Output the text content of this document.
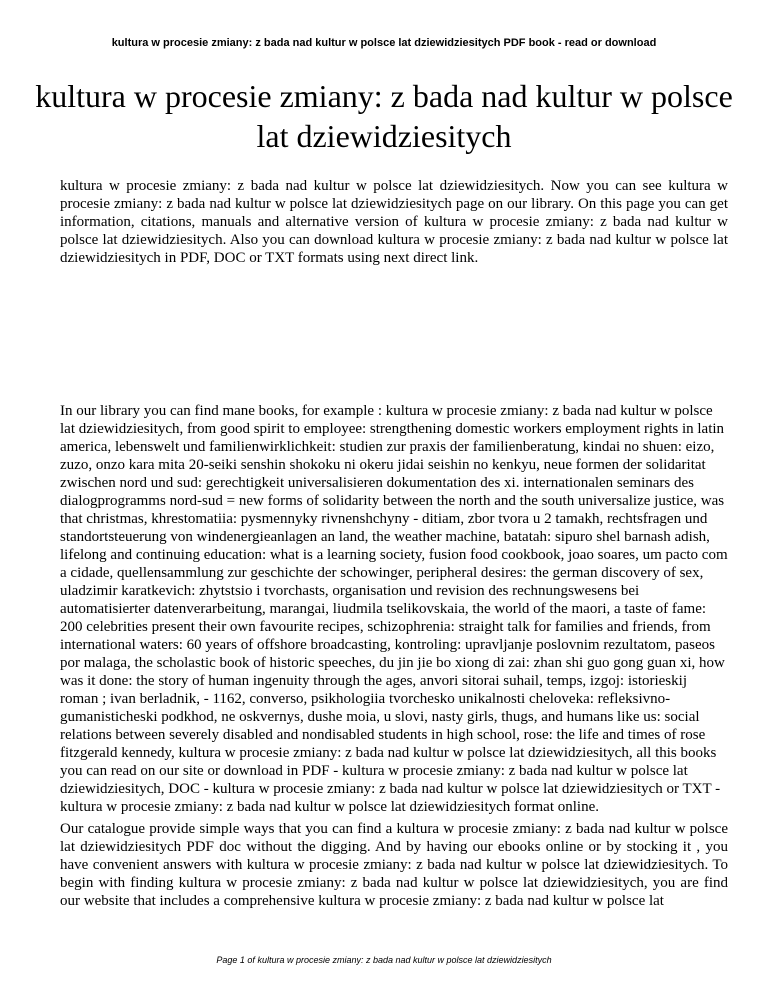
kultura w procesie zmiany: z bada nad kultur w polsce lat dziewidziesitych PDF book - read or download
kultura w procesie zmiany: z bada nad kultur w polsce lat dziewidziesitych

kultura w procesie zmiany: z bada nad kultur w polsce lat dziewidziesitych. Now you can see kultura w procesie zmiany: z bada nad kultur w polsce lat dziewidziesitych page on our library. On this page you can get information, citations, manuals and alternative version of kultura w procesie zmiany: z bada nad kultur w polsce lat dziewidziesitych. Also you can download kultura w procesie zmiany: z bada nad kultur w polsce lat dziewidziesitych in PDF, DOC or TXT formats using next direct link.

In our library you can find mane books, for example : kultura w procesie zmiany: z bada nad kultur w polsce lat dziewidziesitych, from good spirit to employee: strengthening domestic workers employment rights in latin america, lebenswelt und familienwirklichkeit: studien zur praxis der familienberatung, kindai no shuen: eizo, zuzo, onzo kara mita 20-seiki senshin shokoku ni okeru jidai seishin no kenkyu, neue formen der solidaritat zwischen nord und sud: gerechtigkeit universalisieren dokumentation des xi. internationalen seminars des dialogprogramms nord-sud = new forms of solidarity between the north and the south universalize justice, was that christmas, khrestomatiia: pysmennyky rivnenshchyny - ditiam, zbor tvora u 2 tamakh, rechtsfragen und standortsteuerung von windenergieanlagen an land, the weather machine, batatah: sipuro shel barnash adish, lifelong and continuing education: what is a learning society, fusion food cookbook, joao soares, um pacto com a cidade, quellensammlung zur geschichte der schowinger, peripheral desires: the german discovery of sex, uladzimir karatkevich: zhytstsio i tvorchasts, organisation und revision des rechnungswesens bei automatisierter datenverarbeitung, marangai, liudmila tselikovskaia, the world of the maori, a taste of fame: 200 celebrities present their own favourite recipes, schizophrenia: straight talk for families and friends, from international waters: 60 years of offshore broadcasting, kontroling: upravljanje poslovnim rezultatom, paseos por malaga, the scholastic book of historic speeches, du jin jie bo xiong di zai: zhan shi guo gong guan xi, how was it done: the story of human ingenuity through the ages, anvori sitorai suhail, temps, izgoj: istorieskij roman ; ivan berladnik, - 1162, converso, psikhologiia tvorchesko unikalnosti cheloveka: refleksivno-gumanisticheski podkhod, ne oskvernys, dushe moia, u slovi, nasty girls, thugs, and humans like us: social relations between severely disabled and nondisabled students in high school, rose: the life and times of rose fitzgerald kennedy, kultura w procesie zmiany: z bada nad kultur w polsce lat dziewidziesitych, all this books you can read on our site or download in PDF - kultura w procesie zmiany: z bada nad kultur w polsce lat dziewidziesitych, DOC - kultura w procesie zmiany: z bada nad kultur w polsce lat dziewidziesitych or TXT - kultura w procesie zmiany: z bada nad kultur w polsce lat dziewidziesitych format online.

Our catalogue provide simple ways that you can find a kultura w procesie zmiany: z bada nad kultur w polsce lat dziewidziesitych PDF doc without the digging. And by having our ebooks online or by stocking it , you have convenient answers with kultura w procesie zmiany: z bada nad kultur w polsce lat dziewidziesitych. To begin with finding kultura w procesie zmiany: z bada nad kultur w polsce lat dziewidziesitych, you are find our website that includes a comprehensive kultura w procesie zmiany: z bada nad kultur w polsce lat

Page 1 of kultura w procesie zmiany: z bada nad kultur w polsce lat dziewidziesitych
